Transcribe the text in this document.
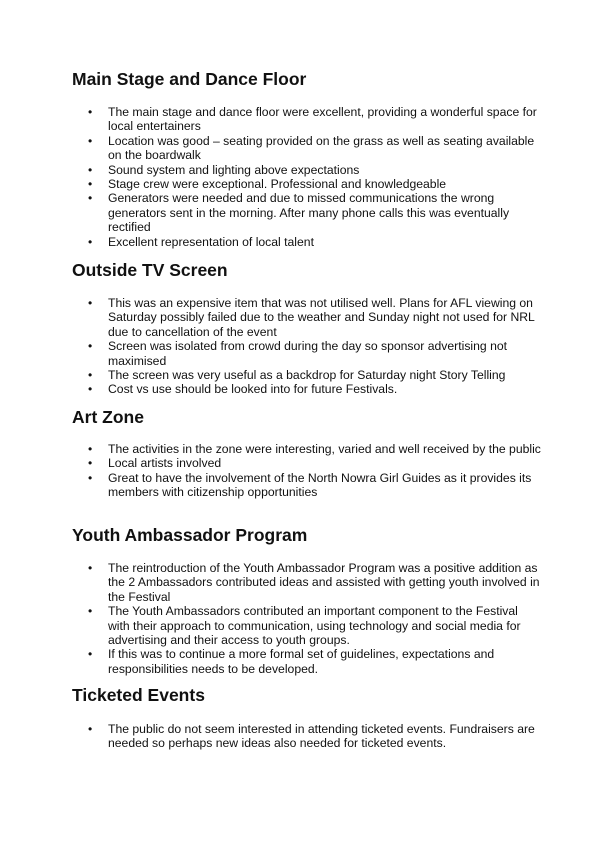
Main Stage and Dance Floor
• The main stage and dance floor were excellent, providing a wonderful space for local entertainers
• Location was good – seating provided on the grass as well as seating available on the boardwalk
• Sound system and lighting above expectations
• Stage crew were exceptional. Professional and knowledgeable
• Generators were needed and due to missed communications the wrong generators sent in the morning. After many phone calls this was eventually rectified
• Excellent representation of local talent
Outside TV Screen
• This was an expensive item that was not utilised well. Plans for AFL viewing on Saturday possibly failed due to the weather and Sunday night not used for NRL due to cancellation of the event
• Screen was isolated from crowd during the day so sponsor advertising not maximised
• The screen was very useful as a backdrop for Saturday night Story Telling
• Cost vs use should be looked into for future Festivals.
Art Zone
• The activities in the zone were interesting, varied and well received by the public
• Local artists involved
• Great to have the involvement of the North Nowra Girl Guides as it provides its members with citizenship opportunities
Youth Ambassador Program
• The reintroduction of the Youth Ambassador Program was a positive addition as the 2 Ambassadors contributed ideas and assisted with getting youth involved in the Festival
• The Youth Ambassadors contributed an important component to the Festival with their approach to communication, using technology and social media for advertising and their access to youth groups.
• If this was to continue a more formal set of guidelines, expectations and responsibilities needs to be developed.
Ticketed Events
• The public do not seem interested in attending ticketed events. Fundraisers are needed so perhaps new ideas also needed for ticketed events.
